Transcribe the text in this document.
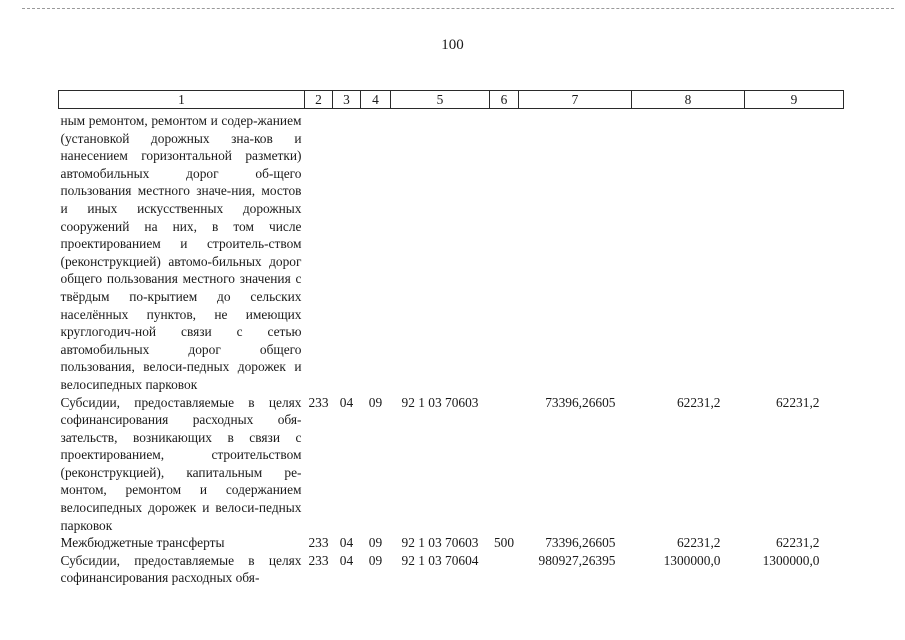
100
1	2	3	4	5	6	7	8	9
ным ремонтом, ремонтом и содер-жанием (установкой дорожных зна-ков и нанесением горизонтальной разметки) автомобильных дорог об-щего пользования местного значе-ния, мостов и иных искусственных дорожных сооружений на них, в том числе проектированием и строитель-ством (реконструкцией) автомо-бильных дорог общего пользования местного значения с твёрдым по-крытием до сельских населённых пунктов, не имеющих круглогодич-ной связи с сетью автомобильных дорог общего пользования, велоси-педных дорожек и велосипедных парковок								
Субсидии, предоставляемые в целях софинансирования расходных обя-зательств, возникающих в связи с проектированием, строительством (реконструкцией), капитальным ре-монтом, ремонтом и содержанием велосипедных дорожек и велоси-педных парковок	233	04	09	92 1 03 70603		73396,26605	62231,2	62231,2
Межбюджетные трансферты	233	04	09	92 1 03 70603	500	73396,26605	62231,2	62231,2
Субсидии, предоставляемые в целях софинансирования расходных обя-	233	04	09	92 1 03 70604		980927,26395	1300000,0	1300000,0
